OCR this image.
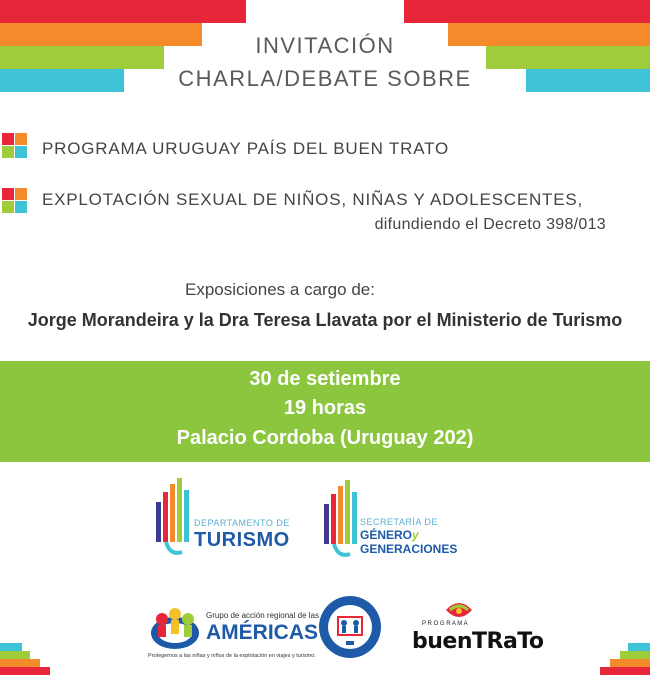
INVITACIÓN
CHARLA/DEBATE SOBRE
PROGRAMA URUGUAY PAÍS DEL BUEN TRATO
EXPLOTACIÓN SEXUAL DE NIÑOS, NIÑAS Y ADOLESCENTES,
difundiendo el Decreto 398/013
Exposiciones a cargo de:
Jorge Morandeira y la Dra Teresa Llavata por el Ministerio de Turismo
30 de setiembre
19 horas
Palacio Cordoba (Uruguay 202)
DEPARTAMENTO DE
TURISMO
SECRETARÍA DE
GÉNEROy
GENERACIONES
Grupo de acción regional de las
AMÉRICAS
Protegemos a las niñas y niños de la explotación en viajes y turismo.
P R O G R A M A
buenTRaTo
